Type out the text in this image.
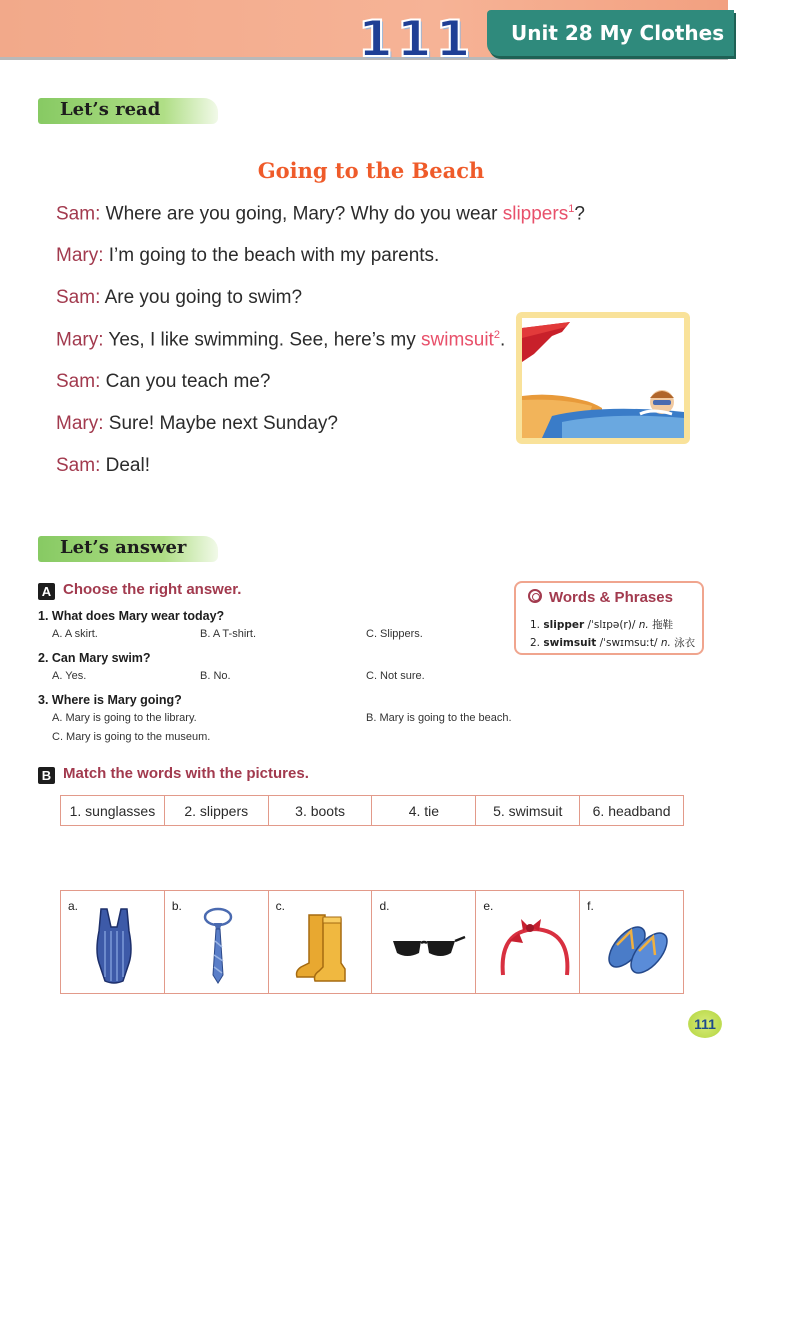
1 1 1 Unit 28 My Clothes
Let’s read
Going to the Beach
Sam: Where are you going, Mary? Why do you wear slippers$^1$?
Mary: I’m going to the beach with my parents.
Sam: Are you going to swim?
Mary: Yes, I like swimming. See, here’s my swimsuit$^2$.
Sam: Can you teach me?
Mary: Sure! Maybe next Sunday?
Sam: Deal!
Let’s answer
A Choose the right answer.
1. What does Mary wear today?
A. A skirt.	B. A T-shirt.	C. Slippers.
2. Can Mary swim?
A. Yes.	B. No.	C. Not sure.
3. Where is Mary going?
A. Mary is going to the library.	B. Mary is going to the beach.
C. Mary is going to the museum.
Words & Phrases
1. slipper /ˈslɪpə(r)/ n. 拖鞋
2. swimsuit /ˈswɪmsuːt/ n. 泳衣
B Match the words with the pictures.
1. sunglasses	2. slippers	3. boots	4. tie	5. swimsuit	6. headband
a.	b.	c.	d.	e.	f.
111
